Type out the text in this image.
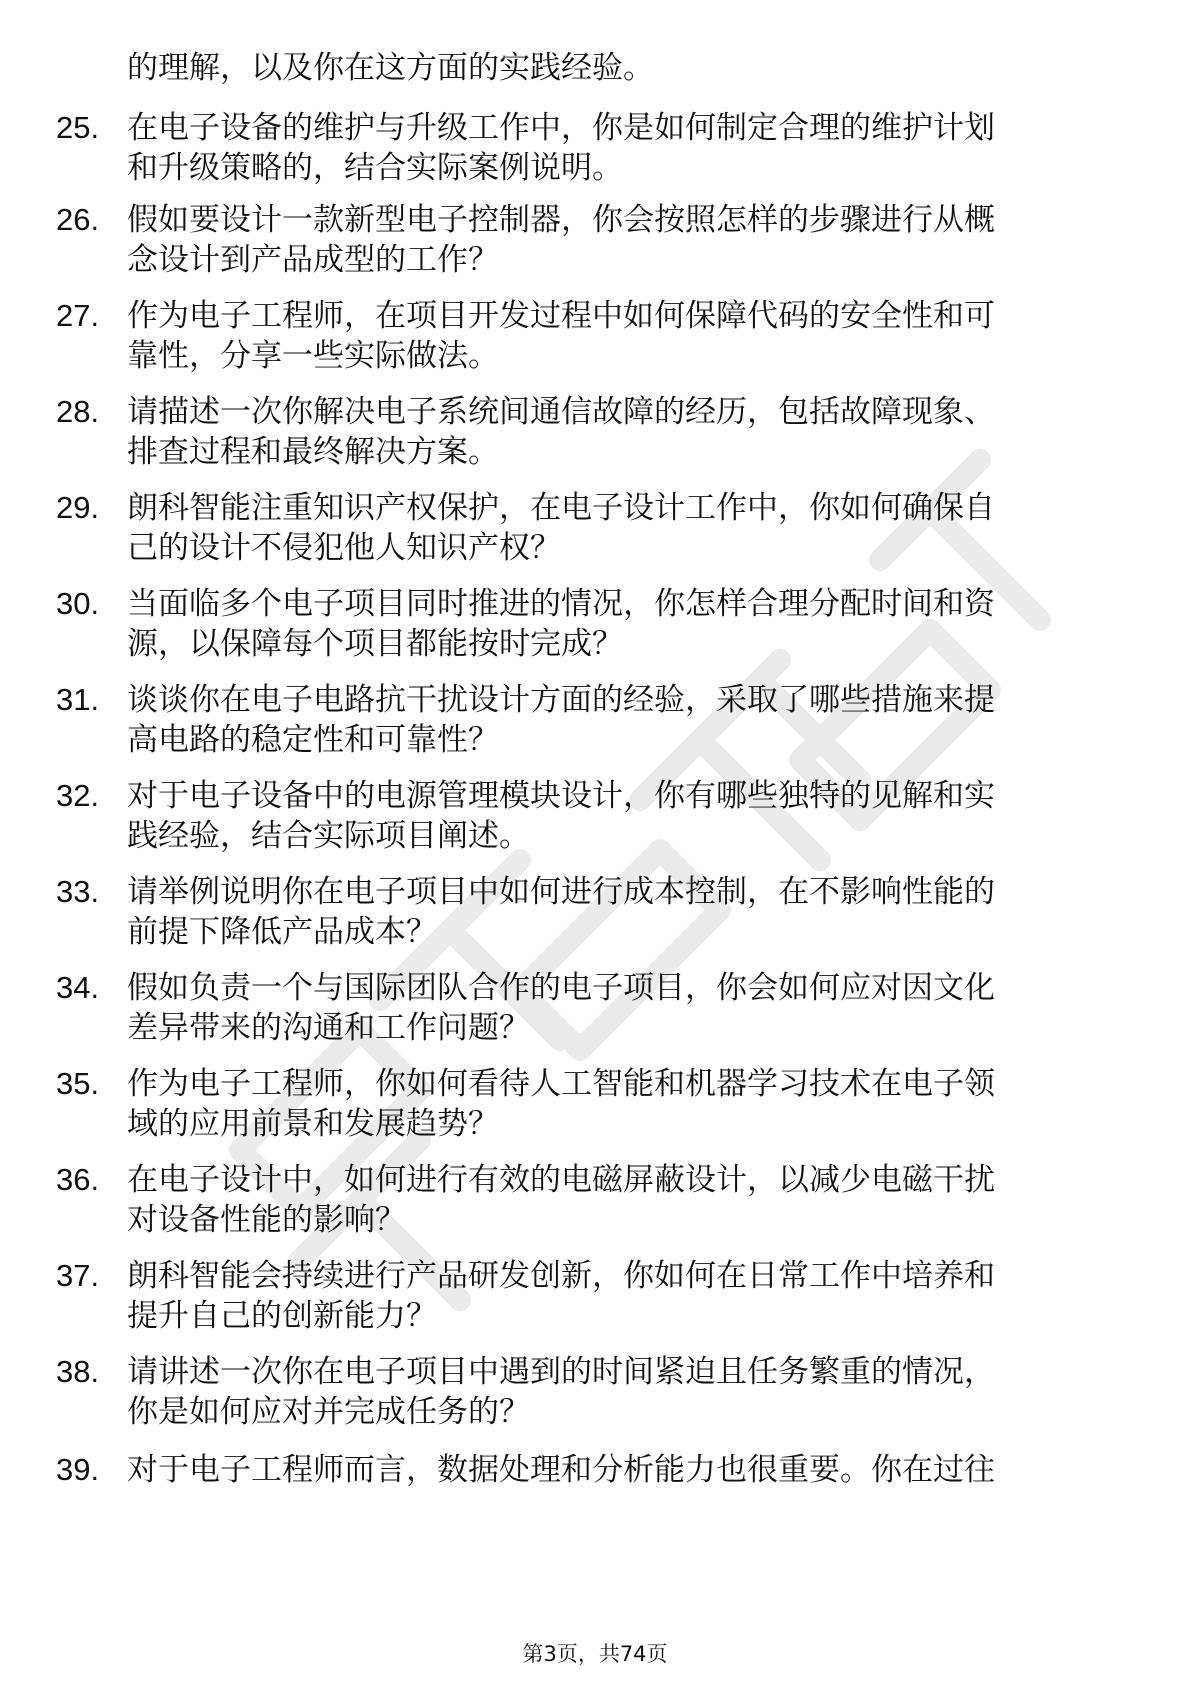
的理解，以及你在这方面的实践经验。
25. 在电子设备的维护与升级工作中，你是如何制定合理的维护计划
和升级策略的，结合实际案例说明。
26. 假如要设计一款新型电子控制器，你会按照怎样的步骤进行从概
念设计到产品成型的工作？
27. 作为电子工程师，在项目开发过程中如何保障代码的安全性和可
靠性，分享一些实际做法。
28. 请描述一次你解决电子系统间通信故障的经历，包括故障现象、
排查过程和最终解决方案。
29. 朗科智能注重知识产权保护，在电子设计工作中，你如何确保自
己的设计不侵犯他人知识产权？
30. 当面临多个电子项目同时推进的情况，你怎样合理分配时间和资
源，以保障每个项目都能按时完成？
31. 谈谈你在电子电路抗干扰设计方面的经验，采取了哪些措施来提
高电路的稳定性和可靠性？
32. 对于电子设备中的电源管理模块设计，你有哪些独特的见解和实
践经验，结合实际项目阐述。
33. 请举例说明你在电子项目中如何进行成本控制，在不影响性能的
前提下降低产品成本？
34. 假如负责一个与国际团队合作的电子项目，你会如何应对因文化
差异带来的沟通和工作问题？
35. 作为电子工程师，你如何看待人工智能和机器学习技术在电子领
域的应用前景和发展趋势？
36. 在电子设计中，如何进行有效的电磁屏蔽设计，以减少电磁干扰
对设备性能的影响？
37. 朗科智能会持续进行产品研发创新，你如何在日常工作中培养和
提升自己的创新能力？
38. 请讲述一次你在电子项目中遇到的时间紧迫且任务繁重的情况，
你是如何应对并完成任务的？
39. 对于电子工程师而言，数据处理和分析能力也很重要。你在过往
第3页，共74页
